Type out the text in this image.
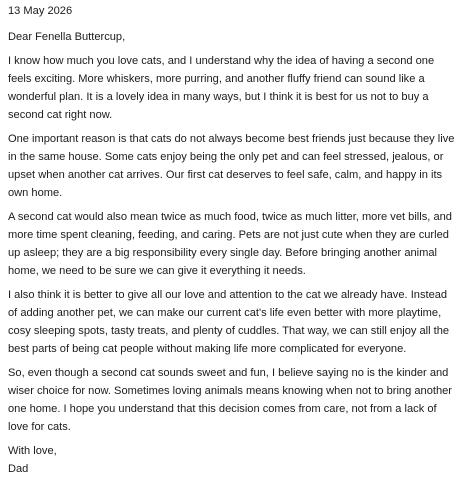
13 May 2026

Dear Fenella Buttercup,

I know how much you love cats, and I understand why the idea of having a second one feels exciting. More whiskers, more purring, and another fluffy friend can sound like a wonderful plan. It is a lovely idea in many ways, but I think it is best for us not to buy a second cat right now.

One important reason is that cats do not always become best friends just because they live in the same house. Some cats enjoy being the only pet and can feel stressed, jealous, or upset when another cat arrives. Our first cat deserves to feel safe, calm, and happy in its own home.

A second cat would also mean twice as much food, twice as much litter, more vet bills, and more time spent cleaning, feeding, and caring. Pets are not just cute when they are curled up asleep; they are a big responsibility every single day. Before bringing another animal home, we need to be sure we can give it everything it needs.

I also think it is better to give all our love and attention to the cat we already have. Instead of adding another pet, we can make our current cat's life even better with more playtime, cosy sleeping spots, tasty treats, and plenty of cuddles. That way, we can still enjoy all the best parts of being cat people without making life more complicated for everyone.

So, even though a second cat sounds sweet and fun, I believe saying no is the kinder and wiser choice for now. Sometimes loving animals means knowing when not to bring another one home. I hope you understand that this decision comes from care, not from a lack of love for cats.

With love,

Dad
